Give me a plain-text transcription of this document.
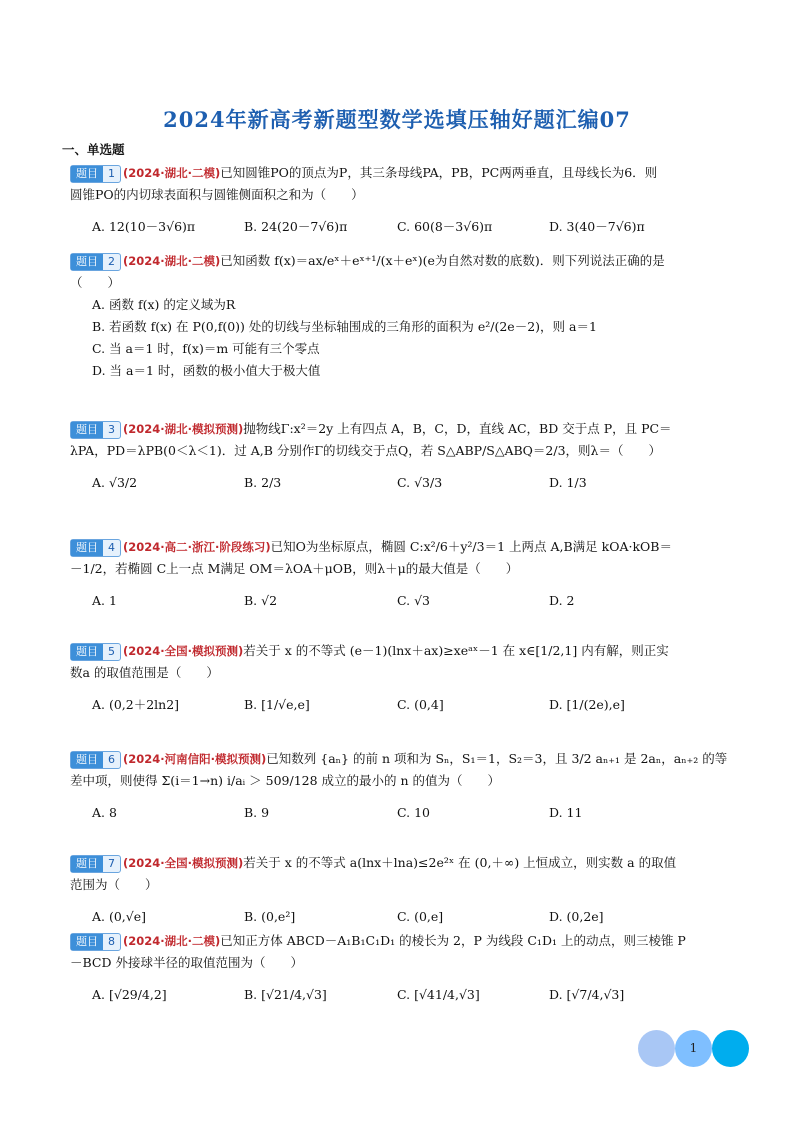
2024年新高考新题型数学选填压轴好题汇编07
一、单选题
题目 1 (2024·湖北·二模)已知圆锥PO的顶点为P，其三条母线PA，PB，PC两两垂直，且母线长为6．则
圆锥PO的内切球表面积与圆锥侧面积之和为（　　）
A. 12(10－3√6)π	B. 24(20－7√6)π	C. 60(8－3√6)π	D. 3(40－7√6)π
题目 2 (2024·湖北·二模)已知函数 f(x)＝ax/eˣ＋eˣ⁺¹/(x＋eˣ)(e为自然对数的底数)．则下列说法正确的是
（　　）
A. 函数 f(x) 的定义域为R
B. 若函数 f(x) 在 P(0,f(0)) 处的切线与坐标轴围成的三角形的面积为 e²/(2e－2)，则 a＝1
C. 当 a＝1 时，f(x)＝m 可能有三个零点
D. 当 a＝1 时，函数的极小值大于极大值
题目 3 (2024·湖北·模拟预测)抛物线Γ:x²＝2y 上有四点 A，B，C，D，直线 AC，BD 交于点 P，且 PC＝
λPA，PD＝λPB(0＜λ＜1)．过 A,B 分别作Γ的切线交于点Q，若 S△ABP/S△ABQ＝2/3，则λ＝（　　）
A. √3/2	B. 2/3	C. √3/3	D. 1/3
题目 4 (2024·高二·浙江·阶段练习)已知O为坐标原点，椭圆 C:x²/6＋y²/3＝1 上两点 A,B满足 kOA·kOB＝
－1/2，若椭圆 C上一点 M满足 OM＝λOA＋μOB，则λ＋μ的最大值是（　　）
A. 1	B. √2	C. √3	D. 2
题目 5 (2024·全国·模拟预测)若关于 x 的不等式 (e－1)(lnx＋ax)≥xeᵃˣ－1 在 x∈[1/2,1] 内有解，则正实
数a 的取值范围是（　　）
A. (0,2＋2ln2]	B. [1/√e,e]	C. (0,4]	D. [1/(2e),e]
题目 6 (2024·河南信阳·模拟预测)已知数列 {aₙ} 的前 n 项和为 Sₙ，S₁＝1，S₂＝3，且 3/2 aₙ₊₁ 是 2aₙ，aₙ₊₂ 的等
差中项，则使得 Σ(i＝1→n) i/aᵢ ＞ 509/128 成立的最小的 n 的值为（　　）
A. 8	B. 9	C. 10	D. 11
题目 7 (2024·全国·模拟预测)若关于 x 的不等式 a(lnx＋lna)≤2e²ˣ 在 (0,＋∞) 上恒成立，则实数 a 的取值
范围为（　　）
A. (0,√e]	B. (0,e²]	C. (0,e]	D. (0,2e]
题目 8 (2024·湖北·二模)已知正方体 ABCD－A₁B₁C₁D₁ 的棱长为 2，P 为线段 C₁D₁ 上的动点，则三棱锥 P
－BCD 外接球半径的取值范围为（　　）
A. [√29/4,2]	B. [√21/4,√3]	C. [√41/4,√3]	D. [√7/4,√3]
1
